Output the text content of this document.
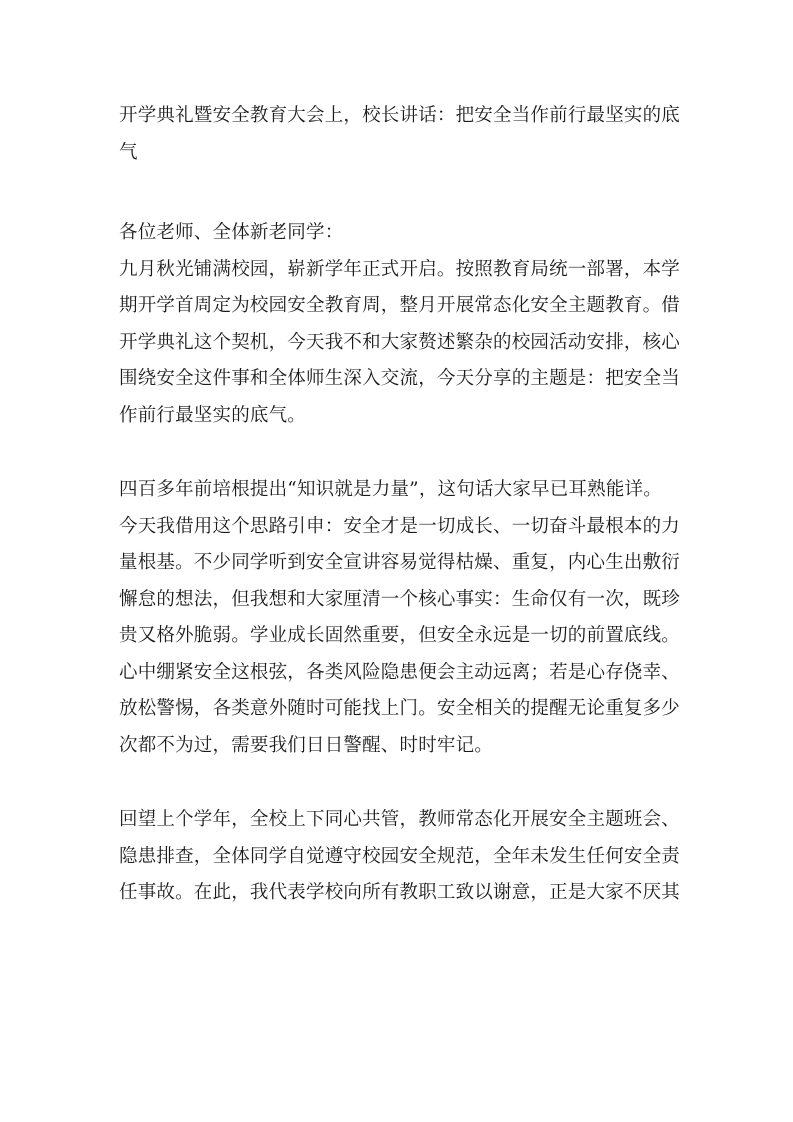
开学典礼暨安全教育大会上，校长讲话：把安全当作前行最坚实的底
气
各位老师、全体新老同学：
九月秋光铺满校园，崭新学年正式开启。按照教育局统一部署，本学
期开学首周定为校园安全教育周，整月开展常态化安全主题教育。借
开学典礼这个契机，今天我不和大家赘述繁杂的校园活动安排，核心
围绕安全这件事和全体师生深入交流，今天分享的主题是：把安全当
作前行最坚实的底气。
四百多年前培根提出“知识就是力量”，这句话大家早已耳熟能详。
今天我借用这个思路引申：安全才是一切成长、一切奋斗最根本的力
量根基。不少同学听到安全宣讲容易觉得枯燥、重复，内心生出敷衍
懈怠的想法，但我想和大家厘清一个核心事实：生命仅有一次，既珍
贵又格外脆弱。学业成长固然重要，但安全永远是一切的前置底线。
心中绷紧安全这根弦，各类风险隐患便会主动远离；若是心存侥幸、
放松警惕，各类意外随时可能找上门。安全相关的提醒无论重复多少
次都不为过，需要我们日日警醒、时时牢记。
回望上个学年，全校上下同心共管，教师常态化开展安全主题班会、
隐患排查，全体同学自觉遵守校园安全规范，全年未发生任何安全责
任事故。在此，我代表学校向所有教职工致以谢意，正是大家不厌其
